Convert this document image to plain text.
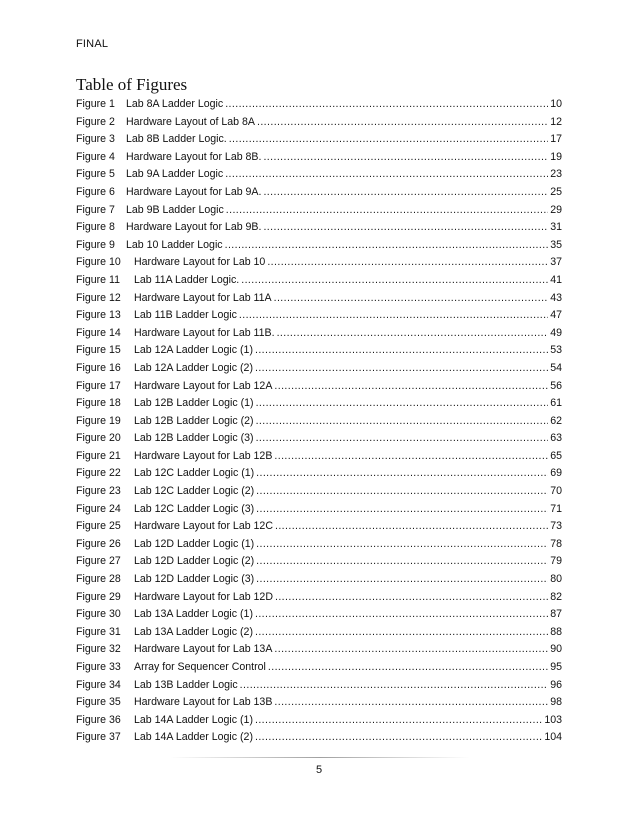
FINAL
Table of Figures
Figure 1	Lab 8A Ladder Logic .....	10
Figure 2	Hardware Layout of Lab 8A .....	12
Figure 3	Lab 8B Ladder Logic. .....	17
Figure 4	Hardware Layout for Lab 8B. .....	19
Figure 5	Lab 9A Ladder Logic .....	23
Figure 6	Hardware Layout for Lab 9A. .....	25
Figure 7	Lab 9B Ladder Logic .....	29
Figure 8	Hardware Layout for Lab 9B. .....	31
Figure 9	Lab 10 Ladder Logic .....	35
Figure 10	Hardware Layout for Lab 10 .....	37
Figure 11	Lab 11A Ladder Logic. .....	41
Figure 12	Hardware Layout for Lab 11A .....	43
Figure 13	Lab 11B Ladder Logic .....	47
Figure 14	Hardware Layout for Lab 11B. .....	49
Figure 15	Lab 12A Ladder Logic (1) .....	53
Figure 16	Lab 12A Ladder Logic (2) .....	54
Figure 17	Hardware Layout for Lab 12A .....	56
Figure 18	Lab 12B Ladder Logic (1) .....	61
Figure 19	Lab 12B Ladder Logic (2) .....	62
Figure 20	Lab 12B Ladder Logic (3) .....	63
Figure 21	Hardware Layout for Lab 12B .....	65
Figure 22	Lab 12C Ladder Logic (1) .....	69
Figure 23	Lab 12C Ladder Logic (2) .....	70
Figure 24	Lab 12C Ladder Logic (3) .....	71
Figure 25	Hardware Layout for Lab 12C .....	73
Figure 26	Lab 12D Ladder Logic (1) .....	78
Figure 27	Lab 12D Ladder Logic (2) .....	79
Figure 28	Lab 12D Ladder Logic (3) .....	80
Figure 29	Hardware Layout for Lab 12D .....	82
Figure 30	Lab 13A Ladder Logic (1) .....	87
Figure 31	Lab 13A Ladder Logic (2) .....	88
Figure 32	Hardware Layout for Lab 13A .....	90
Figure 33	Array for Sequencer Control .....	95
Figure 34	Lab 13B Ladder Logic .....	96
Figure 35	Hardware Layout for Lab 13B .....	98
Figure 36	Lab 14A Ladder Logic (1) .....	103
Figure 37	Lab 14A Ladder Logic (2) .....	104
5
